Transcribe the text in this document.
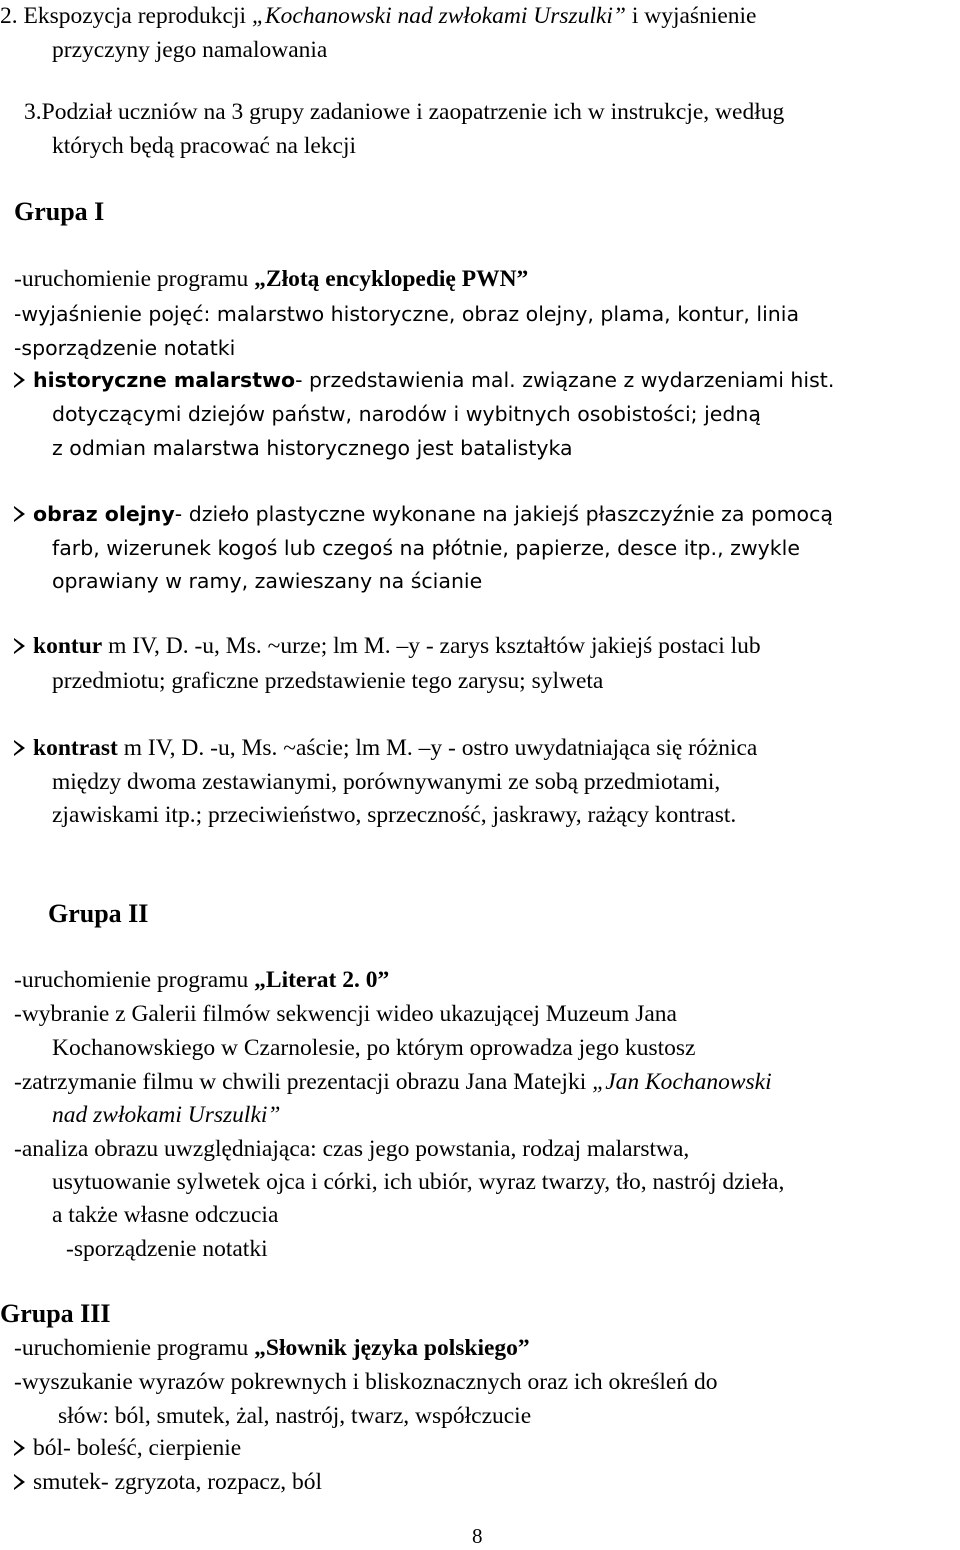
2. Ekspozycja reprodukcji „Kochanowski nad zwłokami Urszulki” i wyjaśnienie

przyczyny jego namalowania

3.Podział uczniów na 3 grupy zadaniowe i zaopatrzenie ich w instrukcje, według

których będą pracować na lekcji

Grupa I

-uruchomienie programu „Złotą encyklopedię PWN”

-wyjaśnienie pojęć: malarstwo historyczne, obraz olejny, plama, kontur, linia

-sporządzenie notatki

historyczne malarstwo- przedstawienia mal. związane z wydarzeniami hist.

dotyczącymi dziejów państw, narodów i wybitnych osobistości; jedną

z odmian malarstwa historycznego jest batalistyka

obraz olejny- dzieło plastyczne wykonane na jakiejś płaszczyźnie za pomocą

farb, wizerunek kogoś lub czegoś na płótnie, papierze, desce itp., zwykle

oprawiany w ramy, zawieszany na ścianie

kontur m IV, D. -u, Ms. ~urze; lm M. –y - zarys kształtów jakiejś postaci lub

przedmiotu; graficzne przedstawienie tego zarysu; sylweta

kontrast m IV, D. -u, Ms. ~aście; lm M. –y - ostro uwydatniająca się różnica

między dwoma zestawianymi, porównywanymi ze sobą przedmiotami,

zjawiskami itp.; przeciwieństwo, sprzeczność, jaskrawy, rażący kontrast.

Grupa II

-uruchomienie programu „Literat 2. 0”

-wybranie z Galerii filmów sekwencji wideo ukazującej Muzeum Jana

Kochanowskiego w Czarnolesie, po którym oprowadza jego kustosz

-zatrzymanie filmu w chwili prezentacji obrazu Jana Matejki „Jan Kochanowski

nad zwłokami Urszulki”

-analiza obrazu uwzględniająca: czas jego powstania, rodzaj malarstwa,

usytuowanie sylwetek ojca i córki, ich ubiór, wyraz twarzy, tło, nastrój dzieła,

a także własne odczucia

-sporządzenie notatki

Grupa III

-uruchomienie programu „Słownik języka polskiego”

-wyszukanie wyrazów pokrewnych i bliskoznacznych oraz ich określeń do

słów: ból, smutek, żal, nastrój, twarz, współczucie

ból- boleść, cierpienie

smutek- zgryzota, rozpacz, ból

8
